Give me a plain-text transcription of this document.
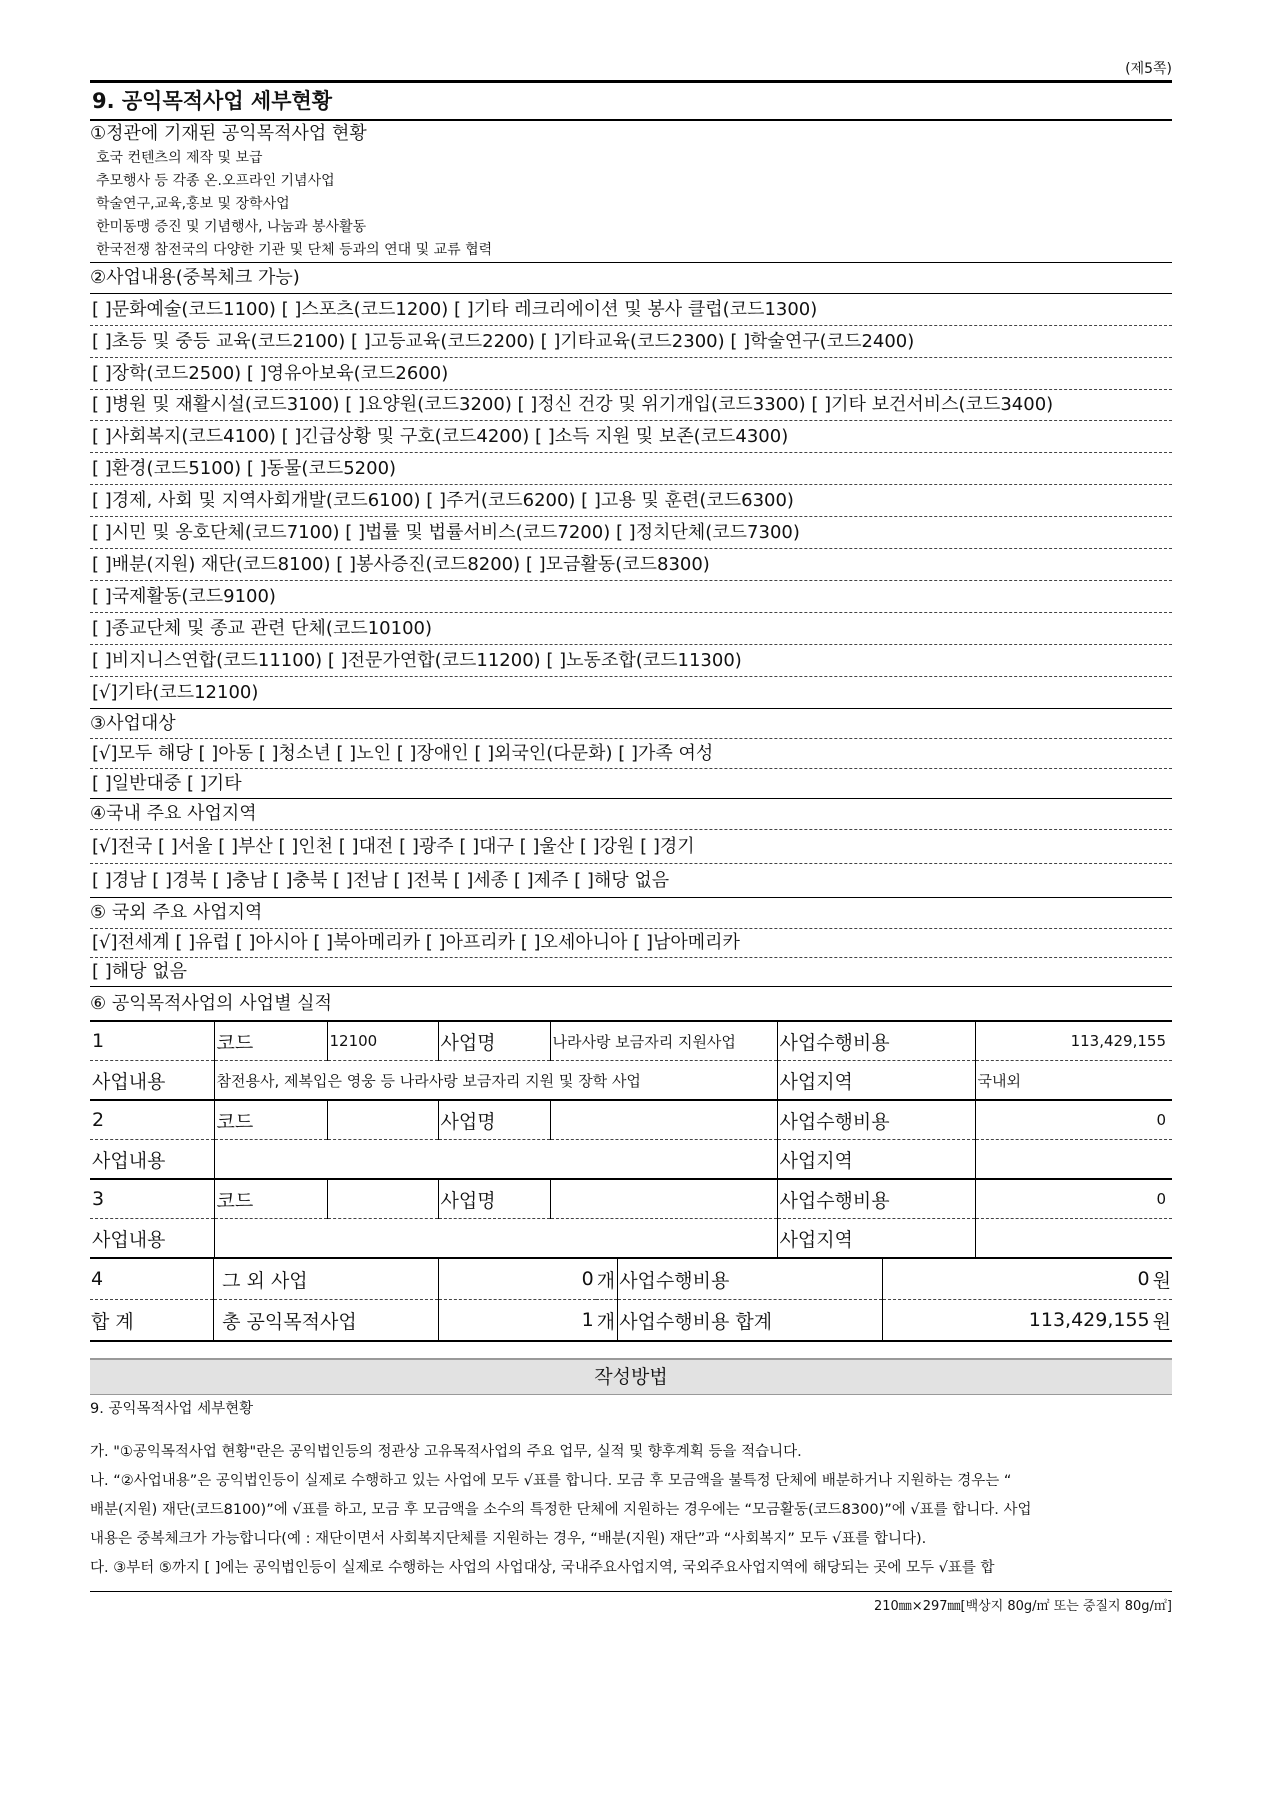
(제5쪽)
9. 공익목적사업 세부현황
①정관에 기재된 공익목적사업 현황
호국 컨텐츠의 제작 및 보급
추모행사 등 각종 온.오프라인 기념사업
학술연구,교육,홍보 및 장학사업
한미동맹 증진 및 기념행사, 나눔과 봉사활동
한국전쟁 참전국의 다양한 기관 및 단체 등과의 연대 및 교류 협력
②사업내용(중복체크 가능)
[ ]문화예술(코드1100) [ ]스포츠(코드1200) [ ]기타 레크리에이션 및 봉사 클럽(코드1300)
[ ]초등 및 중등 교육(코드2100) [ ]고등교육(코드2200) [ ]기타교육(코드2300) [ ]학술연구(코드2400)
[ ]장학(코드2500) [ ]영유아보육(코드2600)
[ ]병원 및 재활시설(코드3100) [ ]요양원(코드3200) [ ]정신 건강 및 위기개입(코드3300) [ ]기타 보건서비스(코드3400)
[ ]사회복지(코드4100) [ ]긴급상황 및 구호(코드4200) [ ]소득 지원 및 보존(코드4300)
[ ]환경(코드5100) [ ]동물(코드5200)
[ ]경제, 사회 및 지역사회개발(코드6100) [ ]주거(코드6200) [ ]고용 및 훈련(코드6300)
[ ]시민 및 옹호단체(코드7100) [ ]법률 및 법률서비스(코드7200) [ ]정치단체(코드7300)
[ ]배분(지원) 재단(코드8100) [ ]봉사증진(코드8200) [ ]모금활동(코드8300)
[ ]국제활동(코드9100)
[ ]종교단체 및 종교 관련 단체(코드10100)
[ ]비지니스연합(코드11100) [ ]전문가연합(코드11200) [ ]노동조합(코드11300)
[√]기타(코드12100)
③사업대상
[√]모두 해당 [ ]아동 [ ]청소년 [ ]노인 [ ]장애인 [ ]외국인(다문화) [ ]가족 여성
[ ]일반대중 [ ]기타
④국내 주요 사업지역
[√]전국 [ ]서울 [ ]부산 [ ]인천 [ ]대전 [ ]광주 [ ]대구 [ ]울산 [ ]강원 [ ]경기
[ ]경남 [ ]경북 [ ]충남 [ ]충북 [ ]전남 [ ]전북 [ ]세종 [ ]제주 [ ]해당 없음
⑤ 국외 주요 사업지역
[√]전세계 [ ]유럽 [ ]아시아 [ ]북아메리카 [ ]아프리카 [ ]오세아니아 [ ]남아메리카
[ ]해당 없음
⑥ 공익목적사업의 사업별 실적
1	코드	12100	사업명	나라사랑 보금자리 지원사업	사업수행비용	113,429,155
사업내용	참전용사, 제복입은 영웅 등 나라사랑 보금자리 지원 및 장학 사업				사업지역	국내외
2	코드		사업명		사업수행비용	0
사업내용					사업지역	
3	코드		사업명		사업수행비용	0
사업내용					사업지역	
4	그 외 사업	0	개	사업수행비용	0	원
합 계	총 공익목적사업	1	개	사업수행비용 합계	113,429,155	원
작성방법
9. 공익목적사업 세부현황
가. "①공익목적사업 현황"란은 공익법인등의 정관상 고유목적사업의 주요 업무, 실적 및 향후계획 등을 적습니다.
나. “②사업내용”은 공익법인등이 실제로 수행하고 있는 사업에 모두 √표를 합니다. 모금 후 모금액을 불특정 단체에 배분하거나 지원하는 경우는 “
배분(지원) 재단(코드8100)”에 √표를 하고, 모금 후 모금액을 소수의 특정한 단체에 지원하는 경우에는 “모금활동(코드8300)”에 √표를 합니다. 사업
내용은 중복체크가 가능합니다(예 : 재단이면서 사회복지단체를 지원하는 경우, “배분(지원) 재단”과 “사회복지” 모두 √표를 합니다).
다. ③부터 ⑤까지 [ ]에는 공익법인등이 실제로 수행하는 사업의 사업대상, 국내주요사업지역, 국외주요사업지역에 해당되는 곳에 모두 √표를 합
210㎜×297㎜[백상지 80g/㎡ 또는 중질지 80g/㎡]
